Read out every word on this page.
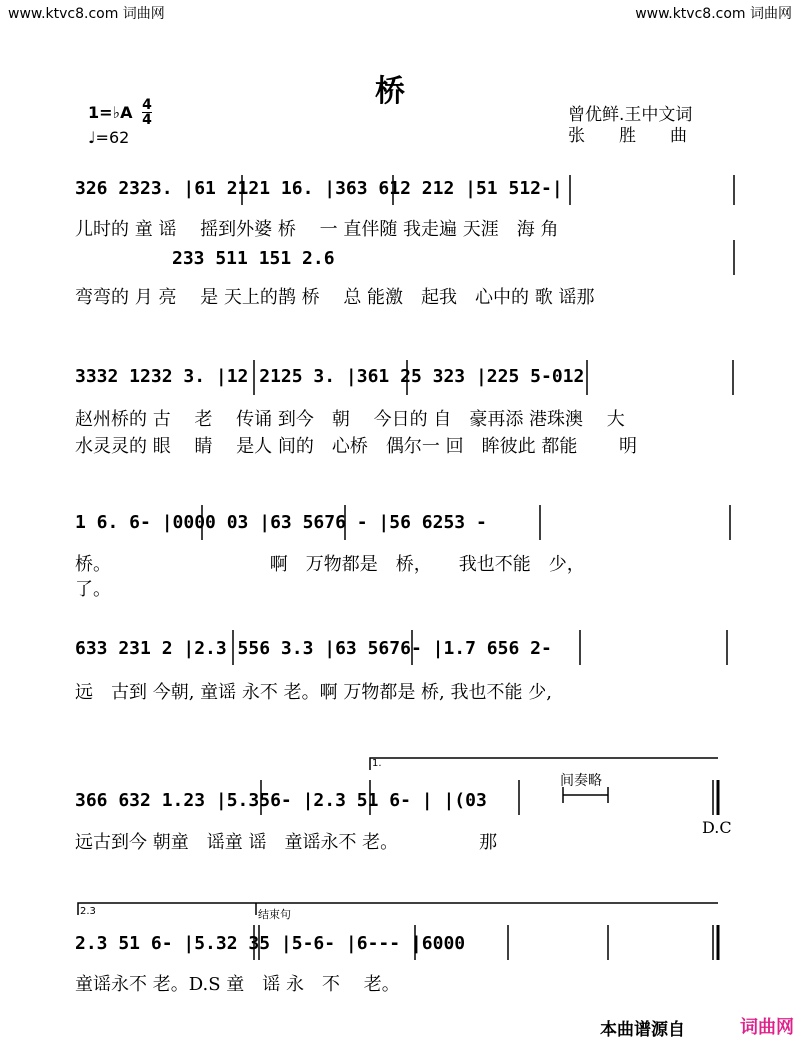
www.ktvc8.com 词曲网	www.ktvc8.com 词曲网
桥
1=♭A 4
4
♩=62
曾优鲜.王中文词
张　　胜　　曲
326 2323. |61 2121 16. |363 612 212 |51 512-|
儿时的 童 谣　 摇到外婆 桥　 一 直伴随 我走遍 天涯　海 角
233 511 151 2.6
弯弯的 月 亮　 是 天上的鹊 桥　 总 能激　起我　心中的 歌 谣那
3332 1232 3. |12 2125 3. |361 25 323 |225 5-012
赵州桥的 古　 老　 传诵 到今　朝　 今日的 自　豪再添 港珠澳　 大
水灵灵的 眼　 睛　 是人 间的　心桥　偶尔一 回　眸彼此 都能　　 明
1 6. 6- |0000 03 |63 5676 - |56 6253 -
桥。　　　　　　　　　 啊　万物都是　桥，　　我也不能　少，
了。
633 231 2 |2.3 556 3.3 |63 5676- |1.7 656 2-
远　古到 今朝, 童谣 永不 老。啊 万物都是 桥, 我也不能 少,
366 632 1.23 |5.356- |2.3 51 6- | |(03
远古到今 朝童　谣童 谣　童谣永不 老。　　　　　那
间奏略
1.
D.C
2.3 51 6- |5.32 35 |5-6- |6--- |6000
童谣永不 老。D.S 童　谣 永　不　 老。
2.3	结束句
本曲谱源自	词曲网
